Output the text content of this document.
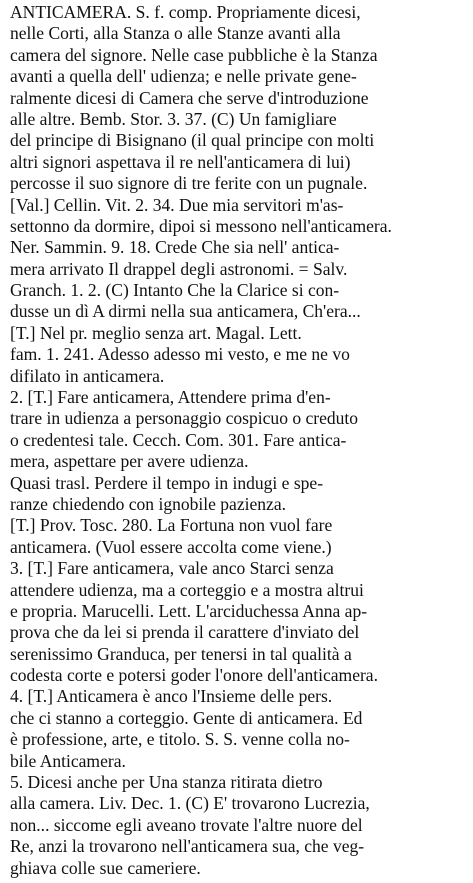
ANTICAMERA. S. f. comp. Propriamente dicesi,
nelle Corti, alla Stanza o alle Stanze avanti alla
camera del signore. Nelle case pubbliche è la Stanza
avanti a quella dell' udienza; e nelle private gene-
ralmente dicesi di Camera che serve d'introduzione
alle altre. Bemb. Stor. 3. 37. (C) Un famigliare
del principe di Bisignano (il qual principe con molti
altri signori aspettava il re nell'anticamera di lui)
percosse il suo signore di tre ferite con un pugnale.
[Val.] Cellin. Vit. 2. 34. Due mia servitori m'as-
settonno da dormire, dipoi si messono nell'anticamera.
Ner. Sammin. 9. 18. Crede Che sia nell' antica-
mera arrivato Il drappel degli astronomi. = Salv.
Granch. 1. 2. (C) Intanto Che la Clarice si con-
dusse un dì A dirmi nella sua anticamera, Ch'era...
[T.] Nel pr. meglio senza art. Magal. Lett.
fam. 1. 241. Adesso adesso mi vesto, e me ne vo
difilato in anticamera.
2. [T.] Fare anticamera, Attendere prima d'en-
trare in udienza a personaggio cospicuo o creduto
o credentesi tale. Cecch. Com. 301. Fare antica-
mera, aspettare per avere udienza.
Quasi trasl. Perdere il tempo in indugi e spe-
ranze chiedendo con ignobile pazienza.
[T.] Prov. Tosc. 280. La Fortuna non vuol fare
anticamera. (Vuol essere accolta come viene.)
3. [T.] Fare anticamera, vale anco Starci senza
attendere udienza, ma a corteggio e a mostra altrui
e propria. Marucelli. Lett. L'arciduchessa Anna ap-
prova che da lei si prenda il carattere d'inviato del
serenissimo Granduca, per tenersi in tal qualità a
codesta corte e potersi goder l'onore dell'anticamera.
4. [T.] Anticamera è anco l'Insieme delle pers.
che ci stanno a corteggio. Gente di anticamera. Ed
è professione, arte, e titolo. S. S. venne colla no-
bile Anticamera.
5. Dicesi anche per Una stanza ritirata dietro
alla camera. Liv. Dec. 1. (C) E' trovarono Lucrezia,
non... siccome egli aveano trovate l'altre nuore del
Re, anzi la trovarono nell'anticamera sua, che veg-
ghiava colle sue cameriere.
